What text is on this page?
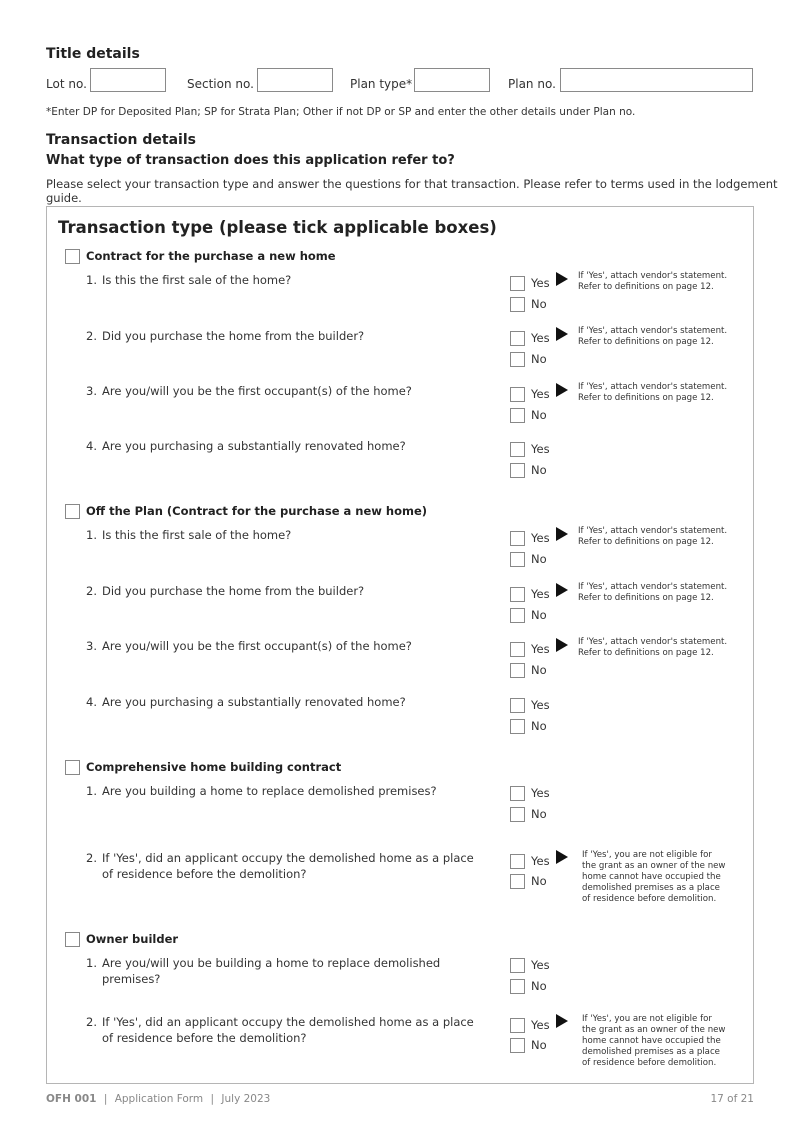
Title details
Lot no.	Section no.	Plan type*	Plan no.
*Enter DP for Deposited Plan; SP for Strata Plan; Other if not DP or SP and enter the other details under Plan no.
Transaction details
What type of transaction does this application refer to?
Please select your transaction type and answer the questions for that transaction. Please refer to terms used in the lodgement guide.
Transaction type (please tick applicable boxes)
Contract for the purchase a new home
1. Is this the first sale of the home?	Yes
No
If 'Yes', attach vendor's statement.
Refer to definitions on page 12.
2. Did you purchase the home from the builder?	Yes
No
If 'Yes', attach vendor's statement.
Refer to definitions on page 12.
3. Are you/will you be the first occupant(s) of the home?	Yes
No
If 'Yes', attach vendor's statement.
Refer to definitions on page 12.
4. Are you purchasing a substantially renovated home?	Yes
No
Off the Plan (Contract for the purchase a new home)
1. Is this the first sale of the home?	Yes
No
If 'Yes', attach vendor's statement.
Refer to definitions on page 12.
2. Did you purchase the home from the builder?	Yes
No
If 'Yes', attach vendor's statement.
Refer to definitions on page 12.
3. Are you/will you be the first occupant(s) of the home?	Yes
No
If 'Yes', attach vendor's statement.
Refer to definitions on page 12.
4. Are you purchasing a substantially renovated home?	Yes
No
Comprehensive home building contract
1. Are you building a home to replace demolished premises?	Yes
No
2. If 'Yes', did an applicant occupy the demolished home as a place of residence before the demolition?
Yes
No
If 'Yes', you are not eligible for
the grant as an owner of the new
home cannot have occupied the
demolished premises as a place
of residence before demolition.
Owner builder
1. Are you/will you be building a home to replace demolished premises?
Yes
No
2. If 'Yes', did an applicant occupy the demolished home as a place of residence before the demolition?
Yes
No
If 'Yes', you are not eligible for
the grant as an owner of the new
home cannot have occupied the
demolished premises as a place
of residence before demolition.
OFH 001 | Application Form | July 2023	17 of 21
